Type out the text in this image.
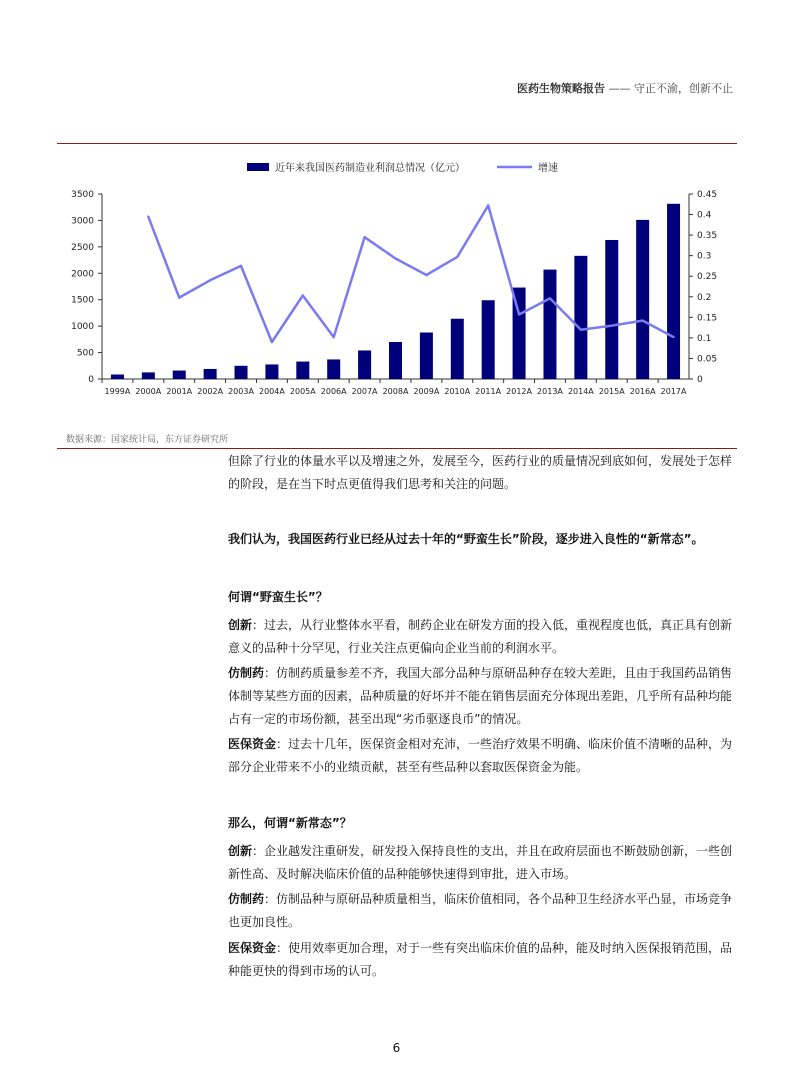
医药生物策略报告 —— 守正不渝，创新不止
0
500
1000
1500
2000
2500
3000
3500
0
0.05
0.1
0.15
0.2
0.25
0.3
0.35
0.4
0.45
1999A 2000A 2001A 2002A 2003A 2004A 2005A 2006A 2007A 2008A 2009A 2010A 2011A 2012A 2013A 2014A 2015A 2016A 2017A
近年来我国医药制造业利润总情况（亿元）	增速
数据来源：国家统计局，东方证券研究所

但除了行业的体量水平以及增速之外，发展至今，医药行业的质量情况到底如何，发展处于怎样的阶段，是在当下时点更值得我们思考和关注的问题。

我们认为，我国医药行业已经从过去十年的“野蛮生长”阶段，逐步进入良性的“新常态”。

何谓“野蛮生长”？

创新：过去，从行业整体水平看，制药企业在研发方面的投入低，重视程度也低，真正具有创新意义的品种十分罕见，行业关注点更偏向企业当前的利润水平。

仿制药：仿制药质量参差不齐，我国大部分品种与原研品种存在较大差距，且由于我国药品销售体制等某些方面的因素，品种质量的好坏并不能在销售层面充分体现出差距，几乎所有品种均能占有一定的市场份额，甚至出现“劣币驱逐良币”的情况。

医保资金：过去十几年，医保资金相对充沛，一些治疗效果不明确、临床价值不清晰的品种，为部分企业带来不小的业绩贡献，甚至有些品种以套取医保资金为能。

那么，何谓“新常态”？

创新：企业越发注重研发，研发投入保持良性的支出，并且在政府层面也不断鼓励创新，一些创新性高、及时解决临床价值的品种能够快速得到审批，进入市场。

仿制药：仿制品种与原研品种质量相当，临床价值相同，各个品种卫生经济水平凸显，市场竞争也更加良性。

医保资金：使用效率更加合理，对于一些有突出临床价值的品种，能及时纳入医保报销范围，品种能更快的得到市场的认可。

6
